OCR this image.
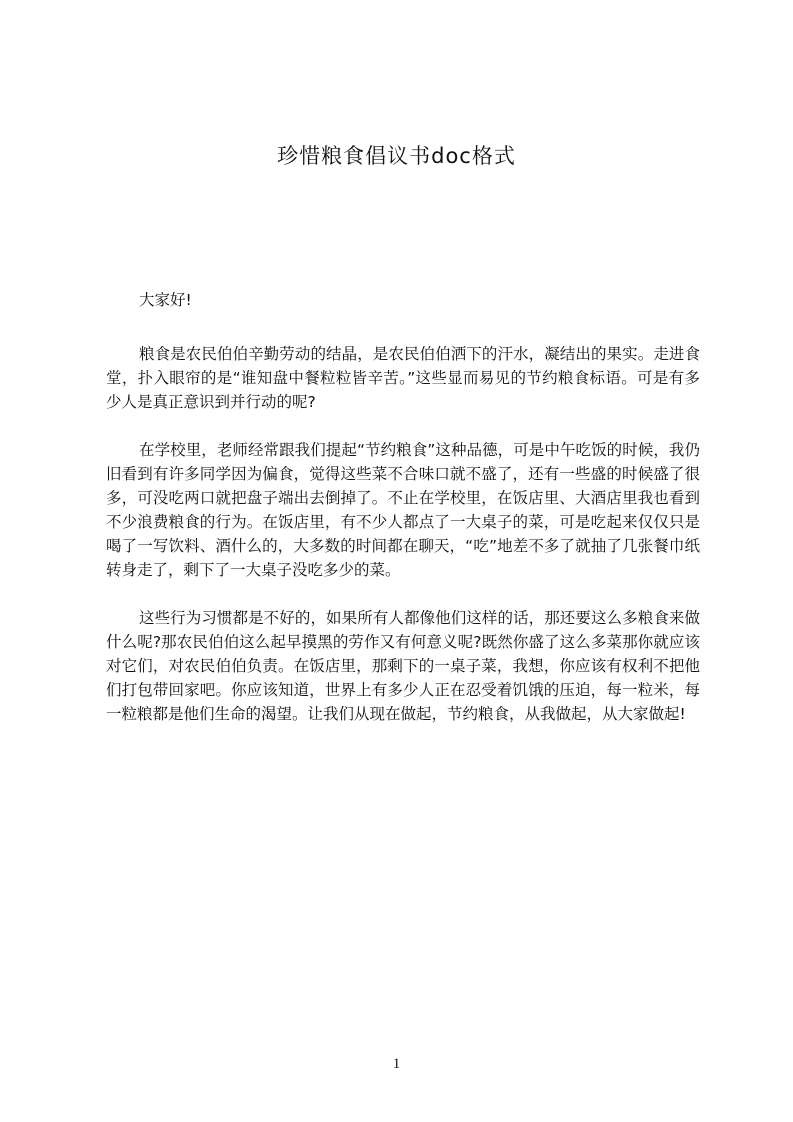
珍惜粮食倡议书doc格式

大家好!

粮食是农民伯伯辛勤劳动的结晶，是农民伯伯洒下的汗水，凝结出的果实。走进食堂，扑入眼帘的是“谁知盘中餐粒粒皆辛苦。”这些显而易见的节约粮食标语。可是有多少人是真正意识到并行动的呢?

在学校里，老师经常跟我们提起“节约粮食”这种品德，可是中午吃饭的时候，我仍旧看到有许多同学因为偏食，觉得这些菜不合味口就不盛了，还有一些盛的时候盛了很多，可没吃两口就把盘子端出去倒掉了。不止在学校里，在饭店里、大酒店里我也看到不少浪费粮食的行为。在饭店里，有不少人都点了一大桌子的菜，可是吃起来仅仅只是喝了一写饮料、酒什么的，大多数的时间都在聊天，“吃”地差不多了就抽了几张餐巾纸转身走了，剩下了一大桌子没吃多少的菜。

这些行为习惯都是不好的，如果所有人都像他们这样的话，那还要这么多粮食来做什么呢?那农民伯伯这么起早摸黑的劳作又有何意义呢?既然你盛了这么多菜那你就应该对它们，对农民伯伯负责。在饭店里，那剩下的一桌子菜，我想，你应该有权利不把他们打包带回家吧。你应该知道，世界上有多少人正在忍受着饥饿的压迫，每一粒米，每一粒粮都是他们生命的渴望。让我们从现在做起，节约粮食，从我做起，从大家做起!

1
